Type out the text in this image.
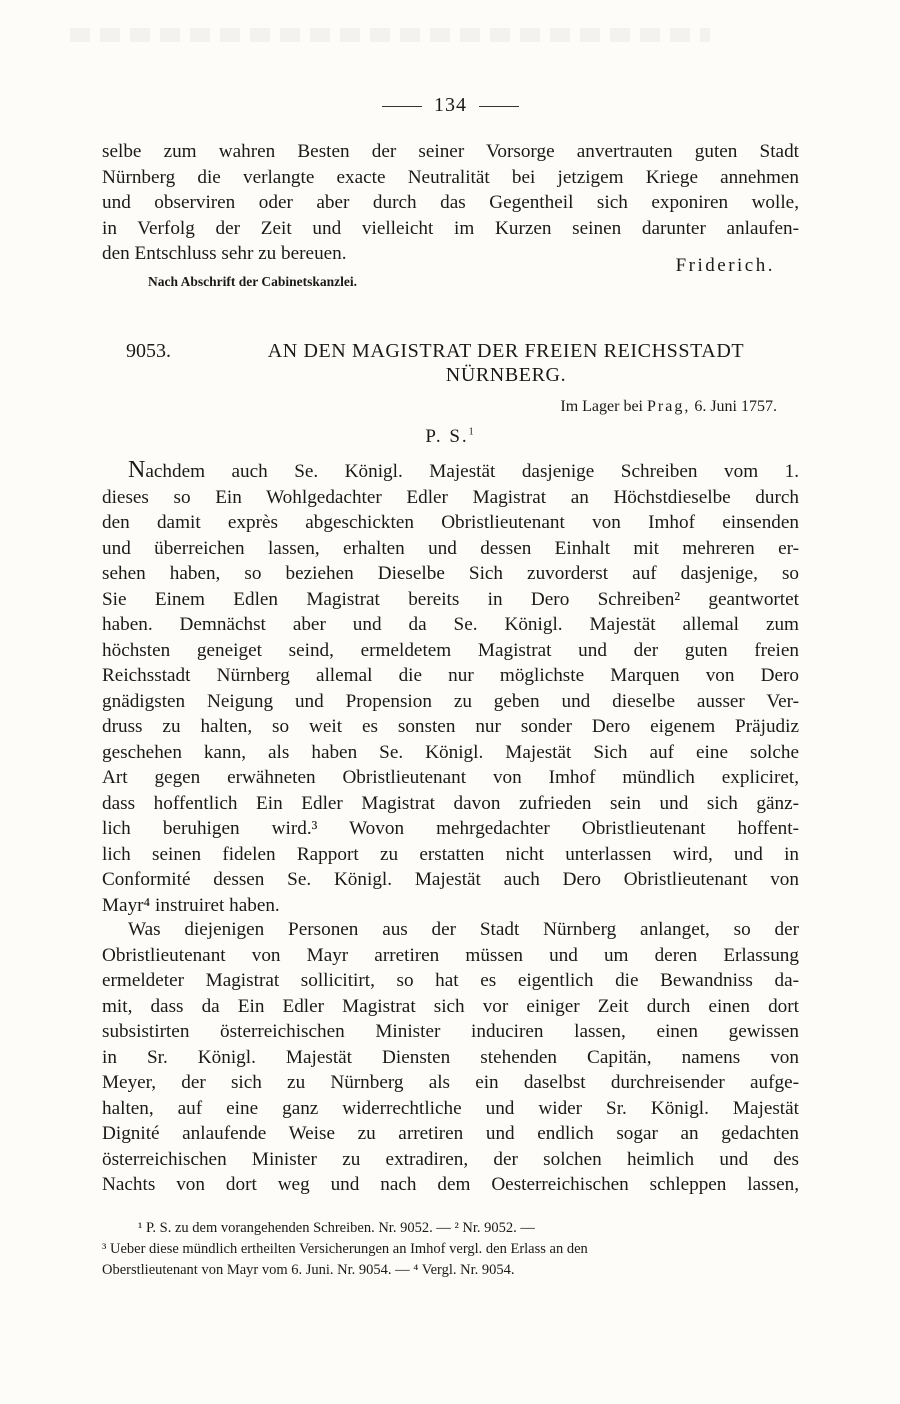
134
selbe zum wahren Besten der seiner Vorsorge anvertrauten guten Stadt
Nürnberg die verlangte exacte Neutralität bei jetzigem Kriege annehmen
und observiren oder aber durch das Gegentheil sich exponiren wolle,
in Verfolg der Zeit und vielleicht im Kurzen seinen darunter anlaufen-
den Entschluss sehr zu bereuen.
Friderich.
Nach Abschrift der Cabinetskanzlei.
9053.	AN DEN MAGISTRAT DER FREIEN REICHSSTADT
NÜRNBERG.
Im Lager bei Prag, 6. Juni 1757.
P. S.$^1$
Nachdem auch Se. Königl. Majestät dasjenige Schreiben vom 1.
dieses so Ein Wohlgedachter Edler Magistrat an Höchstdieselbe durch
den damit exprès abgeschickten Obristlieutenant von Imhof einsenden
und überreichen lassen, erhalten und dessen Einhalt mit mehreren er-
sehen haben, so beziehen Dieselbe Sich zuvorderst auf dasjenige, so
Sie Einem Edlen Magistrat bereits in Dero Schreiben² geantwortet
haben. Demnächst aber und da Se. Königl. Majestät allemal zum
höchsten geneiget seind, ermeldetem Magistrat und der guten freien
Reichsstadt Nürnberg allemal die nur möglichste Marquen von Dero
gnädigsten Neigung und Propension zu geben und dieselbe ausser Ver-
druss zu halten, so weit es sonsten nur sonder Dero eigenem Präjudiz
geschehen kann, als haben Se. Königl. Majestät Sich auf eine solche
Art gegen erwähneten Obristlieutenant von Imhof mündlich expliciret,
dass hoffentlich Ein Edler Magistrat davon zufrieden sein und sich gänz-
lich beruhigen wird.³ Wovon mehrgedachter Obristlieutenant hoffent-
lich seinen fidelen Rapport zu erstatten nicht unterlassen wird, und in
Conformité dessen Se. Königl. Majestät auch Dero Obristlieutenant von
Mayr⁴ instruiret haben.
Was diejenigen Personen aus der Stadt Nürnberg anlanget, so der
Obristlieutenant von Mayr arretiren müssen und um deren Erlassung
ermeldeter Magistrat sollicitirt, so hat es eigentlich die Bewandniss da-
mit, dass da Ein Edler Magistrat sich vor einiger Zeit durch einen dort
subsistirten österreichischen Minister induciren lassen, einen gewissen
in Sr. Königl. Majestät Diensten stehenden Capitän, namens von
Meyer, der sich zu Nürnberg als ein daselbst durchreisender aufge-
halten, auf eine ganz widerrechtliche und wider Sr. Königl. Majestät
Dignité anlaufende Weise zu arretiren und endlich sogar an gedachten
österreichischen Minister zu extradiren, der solchen heimlich und des
Nachts von dort weg und nach dem Oesterreichischen schleppen lassen,
¹ P. S. zu dem vorangehenden Schreiben. Nr. 9052. — ² Nr. 9052. —
³ Ueber diese mündlich ertheilten Versicherungen an Imhof vergl. den Erlass an den
Oberstlieutenant von Mayr vom 6. Juni. Nr. 9054. — ⁴ Vergl. Nr. 9054.
